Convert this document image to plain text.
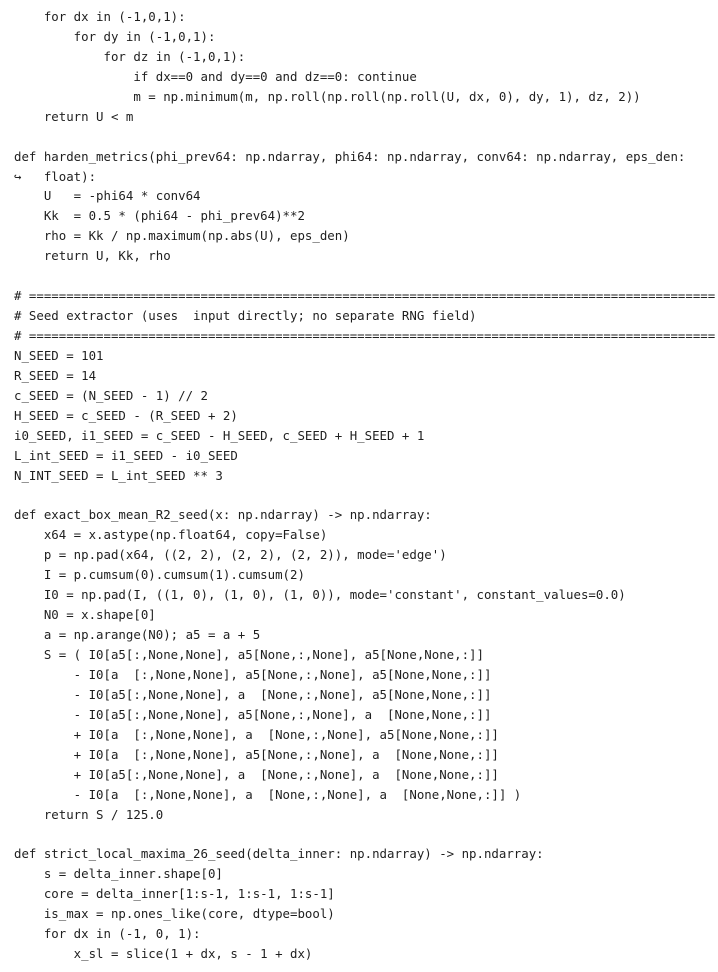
for dx in (-1,0,1):
for dy in (-1,0,1):
for dz in (-1,0,1):
if dx==0 and dy==0 and dz==0: continue
m = np.minimum(m, np.roll(np.roll(np.roll(U, dx, 0), dy, 1), dz, 2))
return U < m
def harden_metrics(phi_prev64: np.ndarray, phi64: np.ndarray, conv64: np.ndarray, eps_den:
↪   float):
U   = -phi64 * conv64
Kk  = 0.5 * (phi64 - phi_prev64)**2
rho = Kk / np.maximum(np.abs(U), eps_den)
return U, Kk, rho
# ============================================================================================
# Seed extractor (uses  input directly; no separate RNG field)
# ============================================================================================
N_SEED = 101
R_SEED = 14
c_SEED = (N_SEED - 1) // 2
H_SEED = c_SEED - (R_SEED + 2)
i0_SEED, i1_SEED = c_SEED - H_SEED, c_SEED + H_SEED + 1
L_int_SEED = i1_SEED - i0_SEED
N_INT_SEED = L_int_SEED ** 3
def exact_box_mean_R2_seed(x: np.ndarray) -> np.ndarray:
x64 = x.astype(np.float64, copy=False)
p = np.pad(x64, ((2, 2), (2, 2), (2, 2)), mode='edge')
I = p.cumsum(0).cumsum(1).cumsum(2)
I0 = np.pad(I, ((1, 0), (1, 0), (1, 0)), mode='constant', constant_values=0.0)
N0 = x.shape[0]
a = np.arange(N0); a5 = a + 5
S = ( I0[a5[:,None,None], a5[None,:,None], a5[None,None,:]]
- I0[a  [:,None,None], a5[None,:,None], a5[None,None,:]]
- I0[a5[:,None,None], a  [None,:,None], a5[None,None,:]]
- I0[a5[:,None,None], a5[None,:,None], a  [None,None,:]]
+ I0[a  [:,None,None], a  [None,:,None], a5[None,None,:]]
+ I0[a  [:,None,None], a5[None,:,None], a  [None,None,:]]
+ I0[a5[:,None,None], a  [None,:,None], a  [None,None,:]]
- I0[a  [:,None,None], a  [None,:,None], a  [None,None,:]] )
return S / 125.0
def strict_local_maxima_26_seed(delta_inner: np.ndarray) -> np.ndarray:
s = delta_inner.shape[0]
core = delta_inner[1:s-1, 1:s-1, 1:s-1]
is_max = np.ones_like(core, dtype=bool)
for dx in (-1, 0, 1):
x_sl = slice(1 + dx, s - 1 + dx)
